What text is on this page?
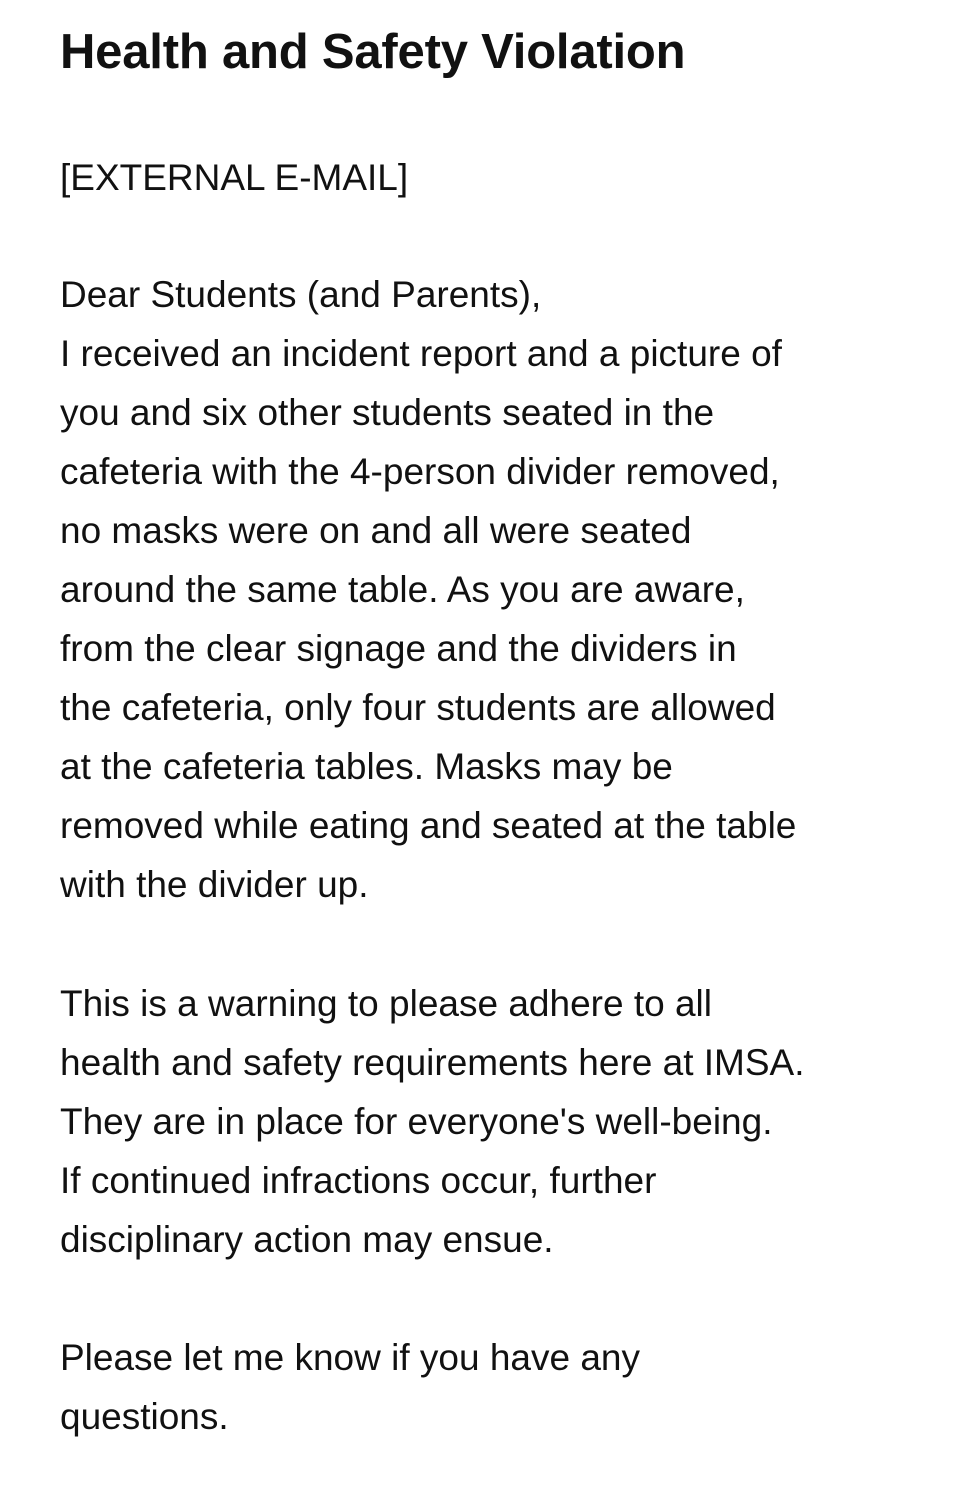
Health and Safety Violation

[EXTERNAL E-MAIL]

Dear Students (and Parents),
I received an incident report and a picture of
you and six other students seated in the
cafeteria with the 4-person divider removed,
no masks were on and all were seated
around the same table. As you are aware,
from the clear signage and the dividers in
the cafeteria, only four students are allowed
at the cafeteria tables. Masks may be
removed while eating and seated at the table
with the divider up.
This is a warning to please adhere to all
health and safety requirements here at IMSA.
They are in place for everyone's well-being.
If continued infractions occur, further
disciplinary action may ensue.
Please let me know if you have any
questions.
